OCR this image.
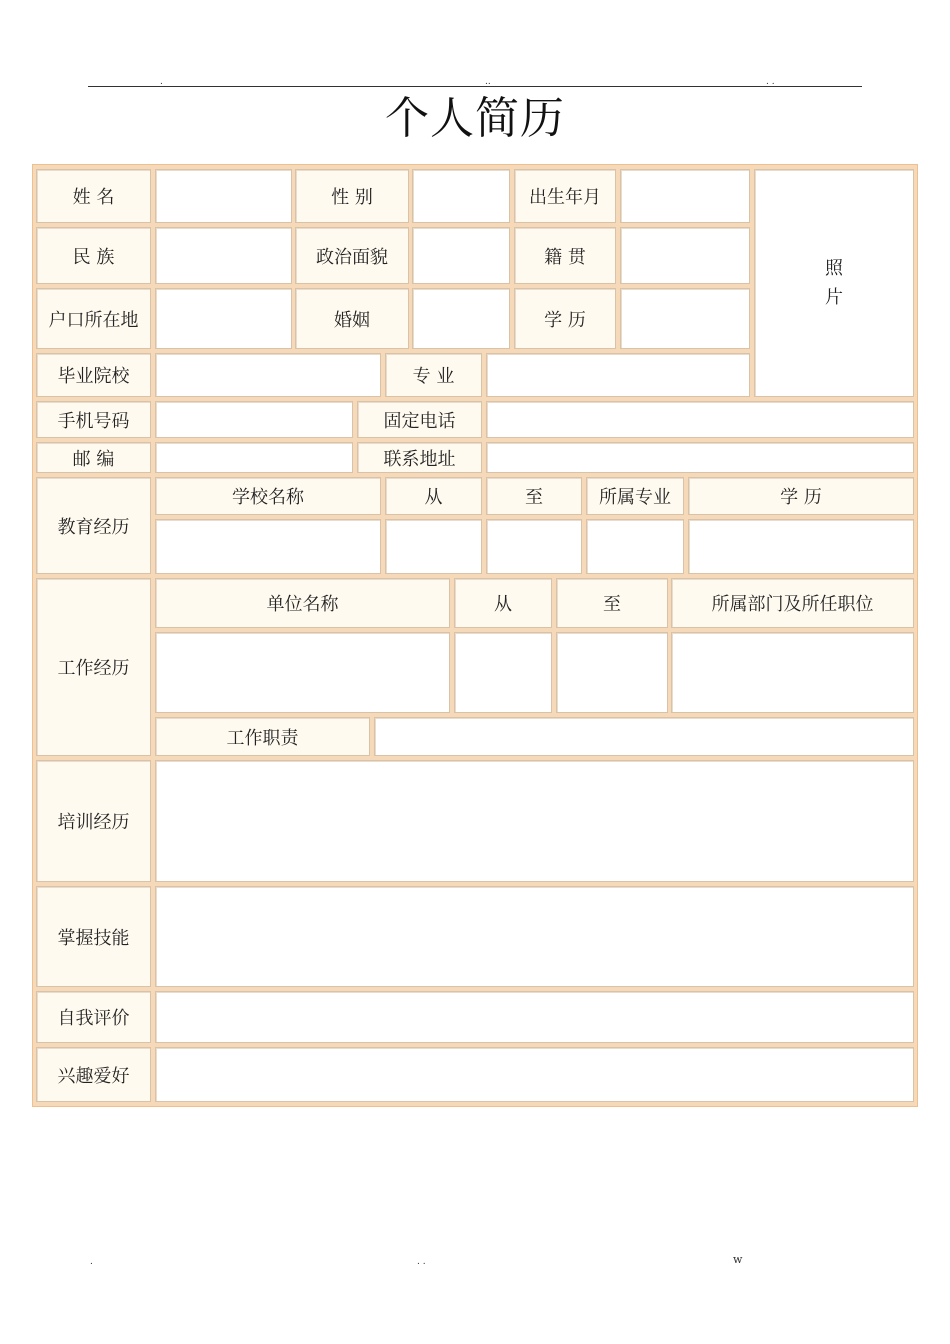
.	..	. .
个人简历
姓 名	性 别	出生年月
照
片
民 族	政治面貌	籍 贯
户口所在地	婚姻	学 历
毕业院校	专 业
手机号码	固定电话
邮 编	联系地址
教育经历
学校名称	从	至	所属专业	学 历
工作经历
单位名称	从	至	所属部门及所任职位
工作职责
培训经历
掌握技能
自我评价
兴趣爱好
.	. .	w
